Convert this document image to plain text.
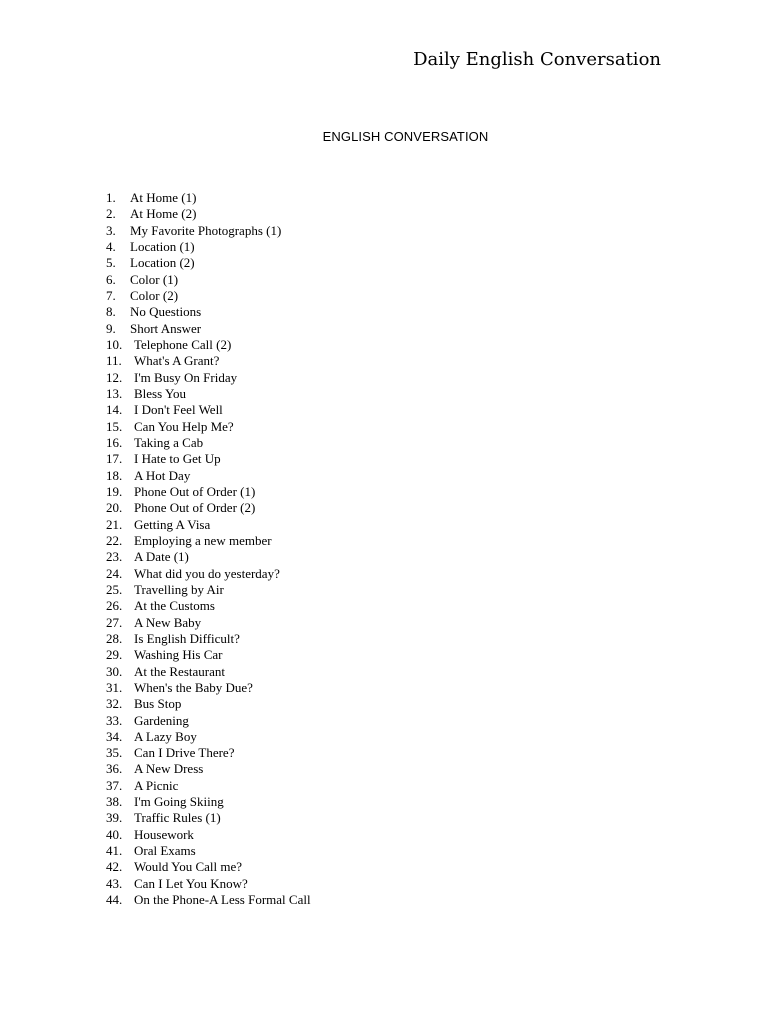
Daily English Conversation
ENGLISH CONVERSATION
1.	At Home (1)
2.	At Home (2)
3.	My Favorite Photographs (1)
4.	Location (1)
5.	Location (2)
6.	Color (1)
7.	Color (2)
8.	No Questions
9.	Short Answer
10. Telephone Call (2)
11. What's A Grant?
12. I'm Busy On Friday
13. Bless You
14. I Don't Feel Well
15. Can You Help Me?
16. Taking a Cab
17. I Hate to Get Up
18. A Hot Day
19. Phone Out of Order (1)
20. Phone Out of Order (2)
21. Getting A Visa
22. Employing a new member
23. A Date (1)
24. What did you do yesterday?
25. Travelling by Air
26. At the Customs
27. A New Baby
28. Is English Difficult?
29. Washing His Car
30. At the Restaurant
31. When's the Baby Due?
32. Bus Stop
33. Gardening
34. A Lazy Boy
35. Can I Drive There?
36. A New Dress
37. A Picnic
38. I'm Going Skiing
39. Traffic Rules (1)
40. Housework
41. Oral Exams
42. Would You Call me?
43. Can I Let You Know?
44. On the Phone-A Less Formal Call
